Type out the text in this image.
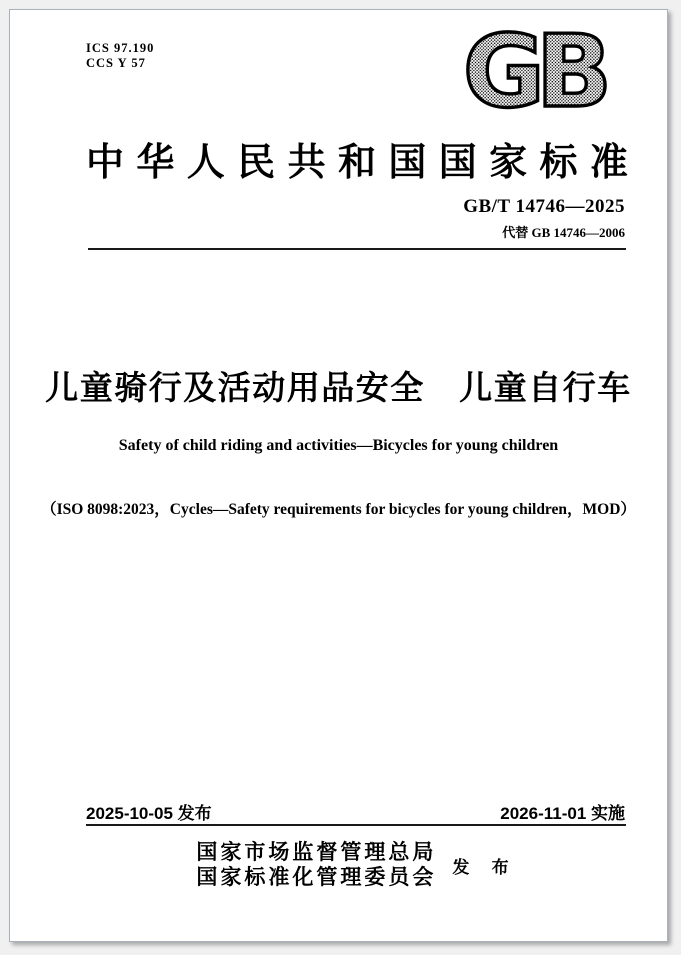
ICS 97.190
CCS Y 57	GB
中 华 人 民 共 和 国 国 家 标 准
GB/T 14746—2025
代替 GB 14746—2006
儿童骑行及活动用品安全　儿童自行车
Safety of child riding and activities—Bicycles for young children
（ISO 8098:2023，Cycles—Safety requirements for bicycles for young children，MOD）
2025-10-05 发布	2026-11-01 实施
国家市场监督管理总局
国家标准化管理委员会 发 布
